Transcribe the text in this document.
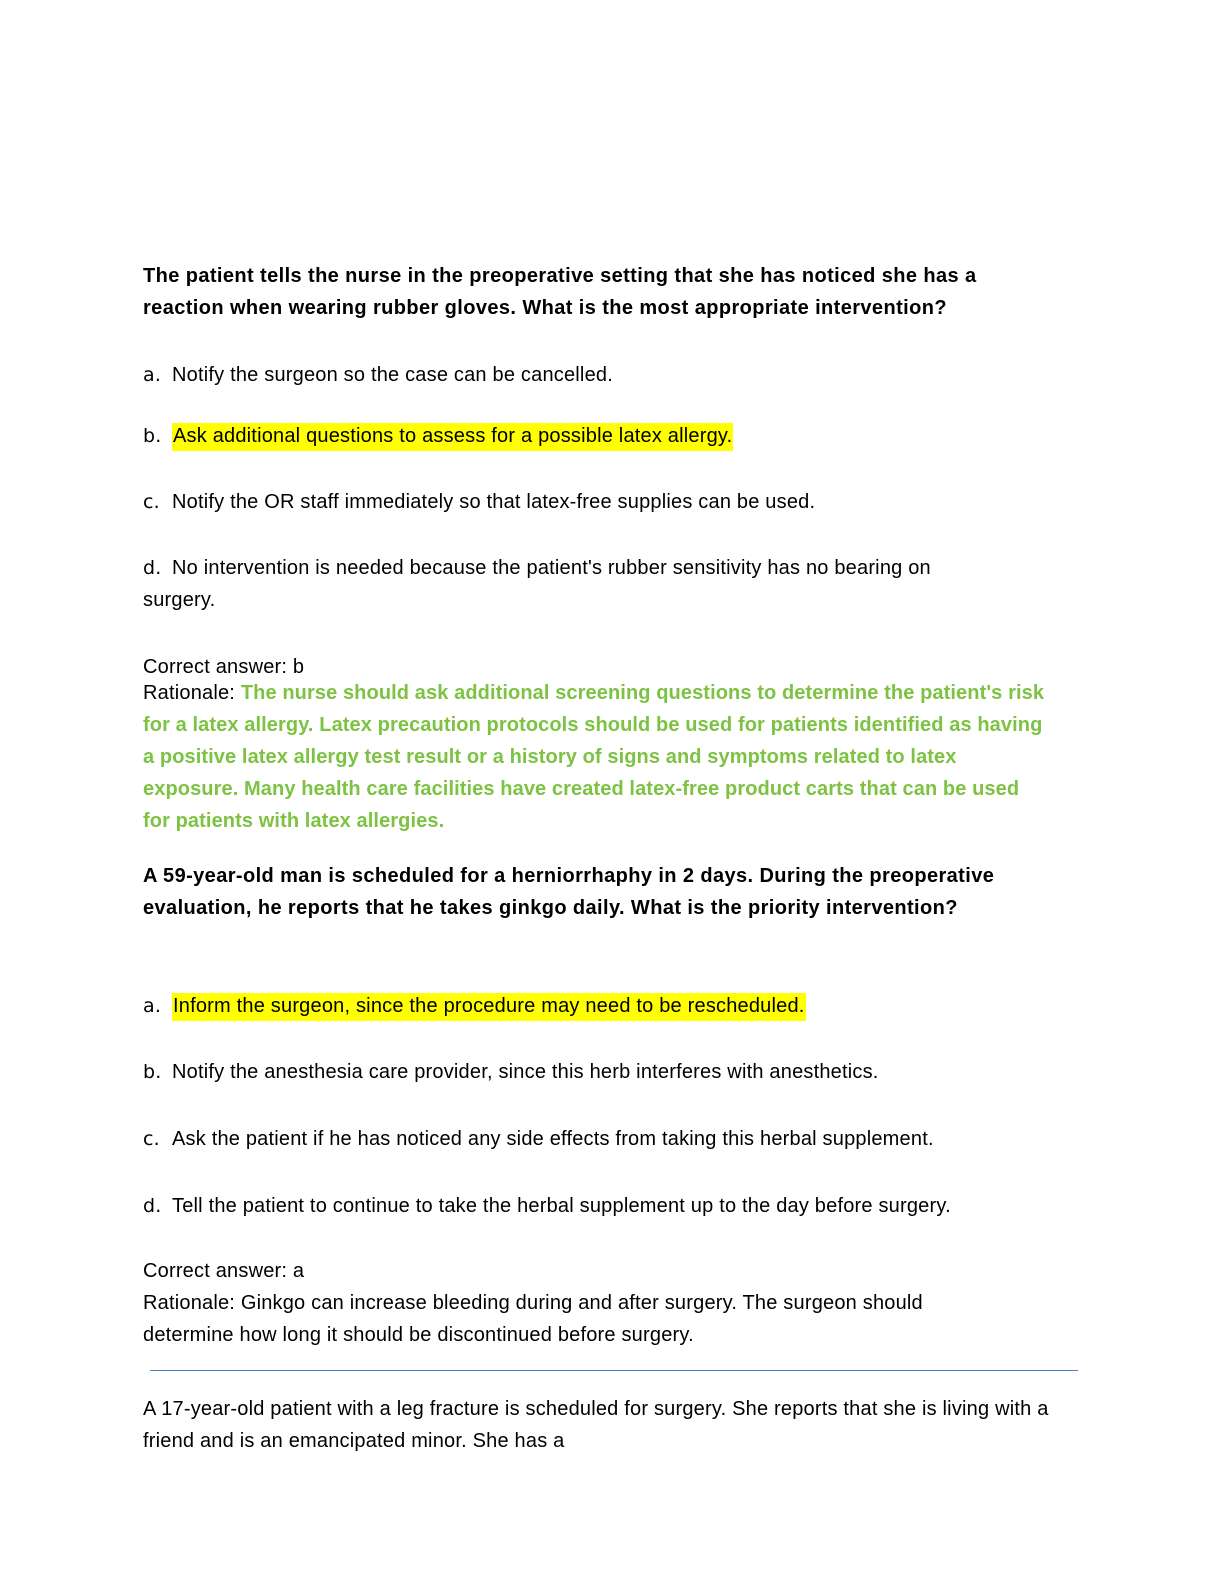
The patient tells the nurse in the preoperative setting that she has noticed she has a reaction when wearing rubber gloves. What is the most appropriate intervention?
a. Notify the surgeon so the case can be cancelled.
b. Ask additional questions to assess for a possible latex allergy.
c. Notify the OR staff immediately so that latex-free supplies can be used.
d. No intervention is needed because the patient's rubber sensitivity has no bearing on surgery.
Correct answer: b
Rationale: The nurse should ask additional screening questions to determine the patient's risk for a latex allergy. Latex precaution protocols should be used for patients identified as having a positive latex allergy test result or a history of signs and symptoms related to latex exposure. Many health care facilities have created latex-free product carts that can be used for patients with latex allergies.
A 59-year-old man is scheduled for a herniorrhaphy in 2 days. During the preoperative evaluation, he reports that he takes ginkgo daily. What is the priority intervention?
a. Inform the surgeon, since the procedure may need to be rescheduled.
b. Notify the anesthesia care provider, since this herb interferes with anesthetics.
c. Ask the patient if he has noticed any side effects from taking this herbal supplement.
d. Tell the patient to continue to take the herbal supplement up to the day before surgery.
Correct answer: a
Rationale: Ginkgo can increase bleeding during and after surgery. The surgeon should determine how long it should be discontinued before surgery.
A 17-year-old patient with a leg fracture is scheduled for surgery. She reports that she is living with a friend and is an emancipated minor. She has a
